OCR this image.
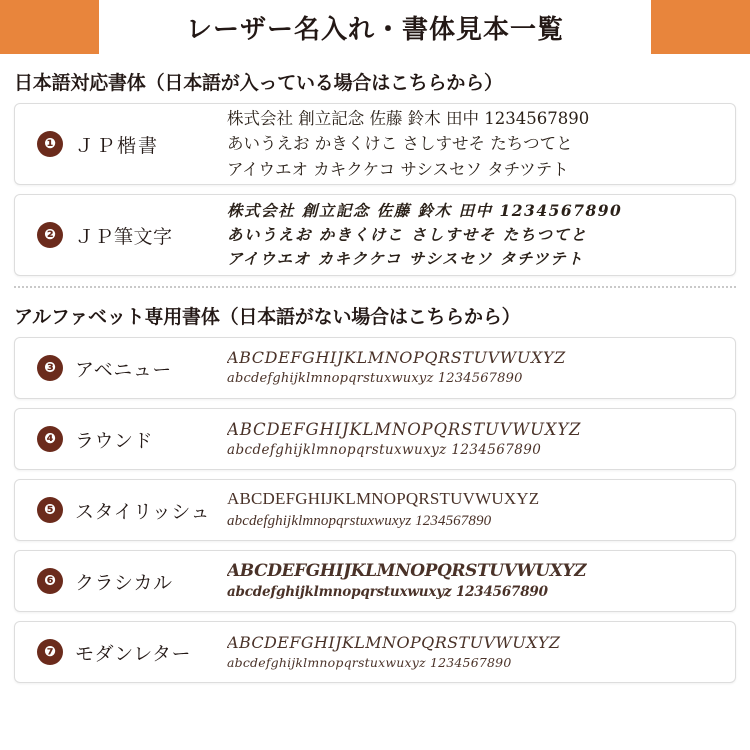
レーザー名入れ・書体見本一覧
日本語対応書体（日本語が入っている場合はこちらから）
❶	ＪＰ楷書
株式会社 創立記念 佐藤 鈴木 田中 1234567890
あいうえお かきくけこ さしすせそ たちつてと
アイウエオ カキクケコ サシスセソ タチツテト
❷	ＪＰ筆文字
株式会社 創立記念 佐藤 鈴木 田中 1234567890
あいうえお かきくけこ さしすせそ たちつてと
アイウエオ カキクケコ サシスセソ タチツテト
アルファベット専用書体（日本語がない場合はこちらから）
❸	アベニュー
ABCDEFGHIJKLMNOPQRSTUVWUXYZ
abcdefghijklmnopqrstuxwuxyz 1234567890
❹	ラウンド
ABCDEFGHIJKLMNOPQRSTUVWUXYZ
abcdefghijklmnopqrstuxwuxyz 1234567890
❺	スタイリッシュ
ABCDEFGHIJKLMNOPQRSTUVWUXYZ
abcdefghijklmnopqrstuxwuxyz 1234567890
❻	クラシカル
ABCDEFGHIJKLMNOPQRSTUVWUXYZ
abcdefghijklmnopqrstuxwuxyz 1234567890
❼	モダンレター
ABCDEFGHIJKLMNOPQRSTUVWUXYZ
abcdefghijklmnopqrstuxwuxyz 1234567890
